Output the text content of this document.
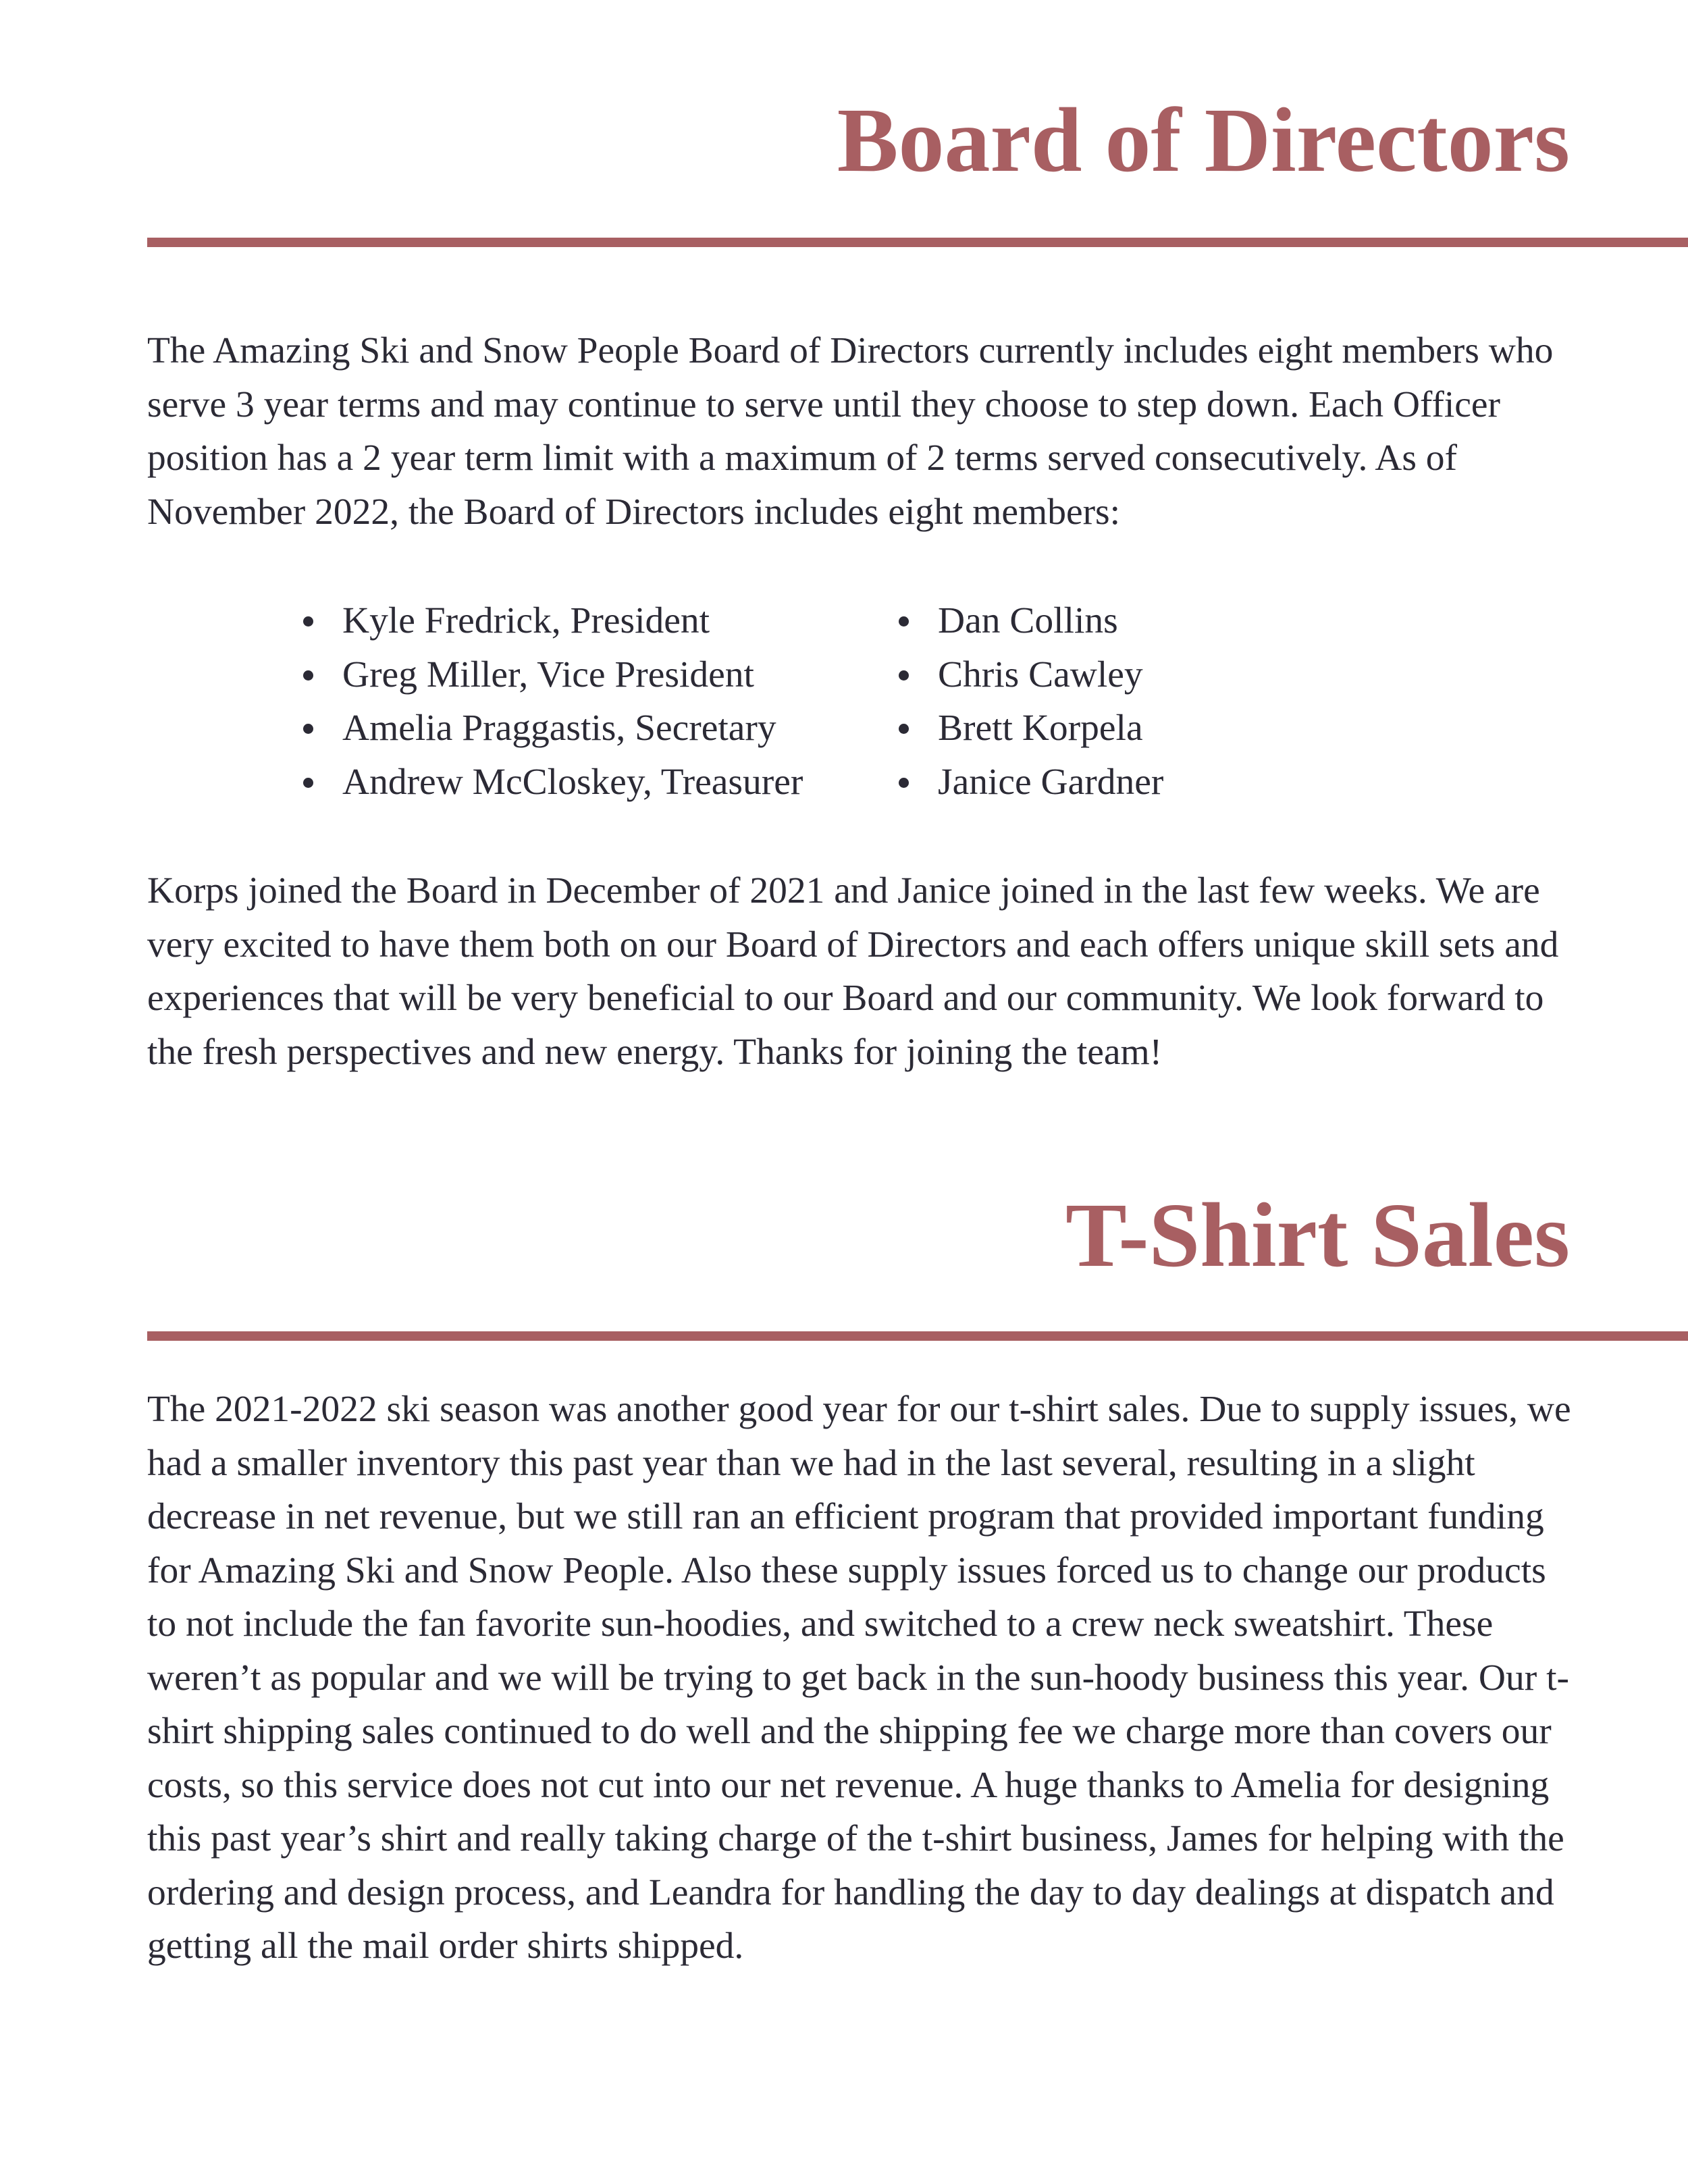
Board of Directors

The Amazing Ski and Snow People Board of Directors currently includes eight members who serve 3 year terms and may continue to serve until they choose to step down. Each Officer position has a 2 year term limit with a maximum of 2 terms served consecutively. As of November 2022, the Board of Directors includes eight members:

Kyle Fredrick, President
Greg Miller, Vice President
Amelia Praggastis, Secretary
Andrew McCloskey, Treasurer
Dan Collins
Chris Cawley
Brett Korpela
Janice Gardner

Korps joined the Board in December of 2021 and Janice joined in the last few weeks. We are very excited to have them both on our Board of Directors and each offers unique skill sets and experiences that will be very beneficial to our Board and our community. We look forward to the fresh perspectives and new energy. Thanks for joining the team!

T-Shirt Sales

The 2021-2022 ski season was another good year for our t-shirt sales. Due to supply issues, we had a smaller inventory this past year than we had in the last several, resulting in a slight decrease in net revenue, but we still ran an efficient program that provided important funding for Amazing Ski and Snow People. Also these supply issues forced us to change our products to not include the fan favorite sun-hoodies, and switched to a crew neck sweatshirt. These weren’t as popular and we will be trying to get back in the sun-hoody business this year. Our t-shirt shipping sales continued to do well and the shipping fee we charge more than covers our costs, so this service does not cut into our net revenue. A huge thanks to Amelia for designing this past year’s shirt and really taking charge of the t-shirt business, James for helping with the ordering and design process, and Leandra for handling the day to day dealings at dispatch and getting all the mail order shirts shipped.
